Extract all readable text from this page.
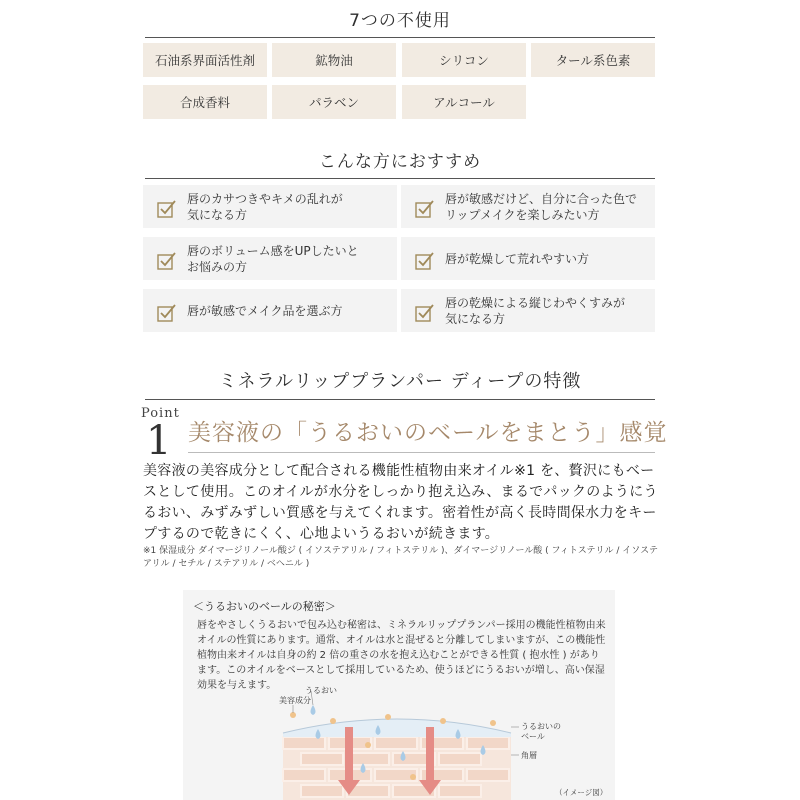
7つの不使用
石油系界面活性剤	鉱物油	シリコン	タール系色素
合成香料	パラベン	アルコール
こんな方におすすめ
唇のカサつきやキメの乱れが
気になる方
唇が敏感だけど、自分に合った色で
リップメイクを楽しみたい方
唇のボリューム感をUPしたいと
お悩みの方
唇が乾燥して荒れやすい方
唇が敏感でメイク品を選ぶ方
唇の乾燥による縦じわやくすみが
気になる方
ミネラルリッププランパー ディープの特徴
Point
1 美容液の「うるおいのベールをまとう」感覚
美容液の美容成分として配合される機能性植物由来オイル※1 を、贅沢にもベースとして使用。このオイルが水分をしっかり抱え込み、まるでパックのようにうるおい、みずみずしい質感を与えてくれます。密着性が高く長時間保水力をキープするので乾きにくく、心地よいうるおいが続きます。
※1 保湿成分 ダイマージリノール酸ジ ( イソステアリル / フィトステリル )、ダイマージリノール酸 ( フィトステリル / イソステアリル / セチル / ステアリル / ベヘニル )
＜うるおいのベールの秘密＞
唇をやさしくうるおいで包み込む秘密は、ミネラルリッププランパー採用の機能性植物由来オイルの性質にあります。通常、オイルは水と混ぜると分離してしまいますが、この機能性植物由来オイルは自身の約 2 倍の重さの水を抱え込むことができる性質 ( 抱水性 ) があります。このオイルをベースとして採用しているため、使うほどにうるおいが増し、高い保湿効果を与えます。	うるおい
美容成分
うるおいの ベール
角層
（イメージ図）
